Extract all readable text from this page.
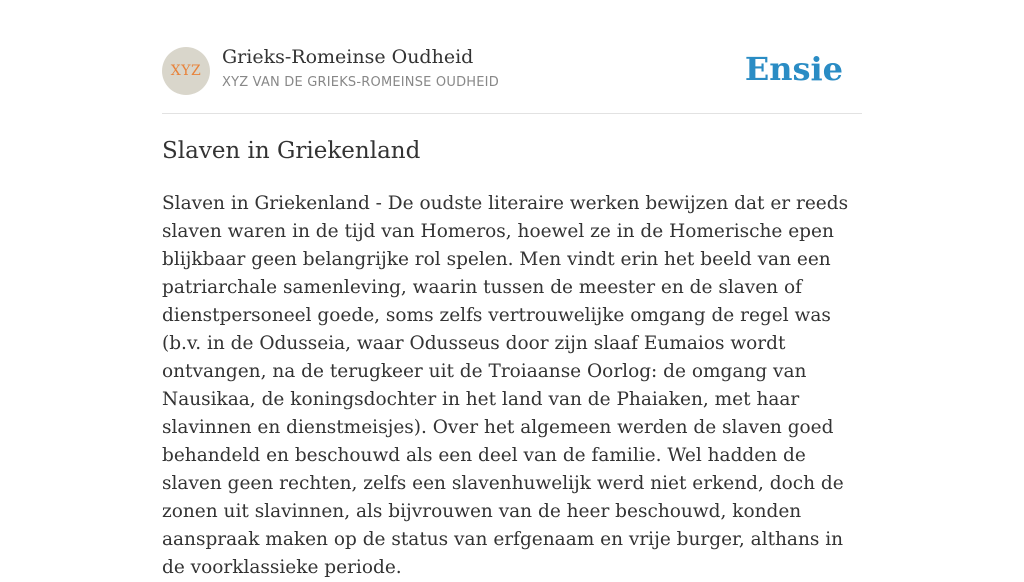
XYZ
Grieks-Romeinse Oudheid
XYZ VAN DE GRIEKS-ROMEINSE OUDHEID	Ensie
Slaven in Griekenland

Slaven in Griekenland - De oudste literaire werken bewijzen dat er reeds slaven waren in de tijd van Homeros, hoewel ze in de Homerische epen blijkbaar geen belangrijke rol spelen. Men vindt erin het beeld van een patriarchale samenleving, waarin tussen de meester en de slaven of dienstpersoneel goede, soms zelfs vertrouwelijke omgang de regel was (b.v. in de Odusseia, waar Odusseus door zijn slaaf Eumaios wordt ontvangen, na de terugkeer uit de Troiaanse Oorlog: de omgang van Nausikaa, de koningsdochter in het land van de Phaiaken, met haar slavinnen en dienstmeisjes). Over het algemeen werden de slaven goed behandeld en beschouwd als een deel van de familie. Wel hadden de slaven geen rechten, zelfs een slavenhuwelijk werd niet erkend, doch de zonen uit slavinnen, als bijvrouwen van de heer beschouwd, konden aanspraak maken op de status van erfgenaam en vrije burger, althans in de voorklassieke periode.
